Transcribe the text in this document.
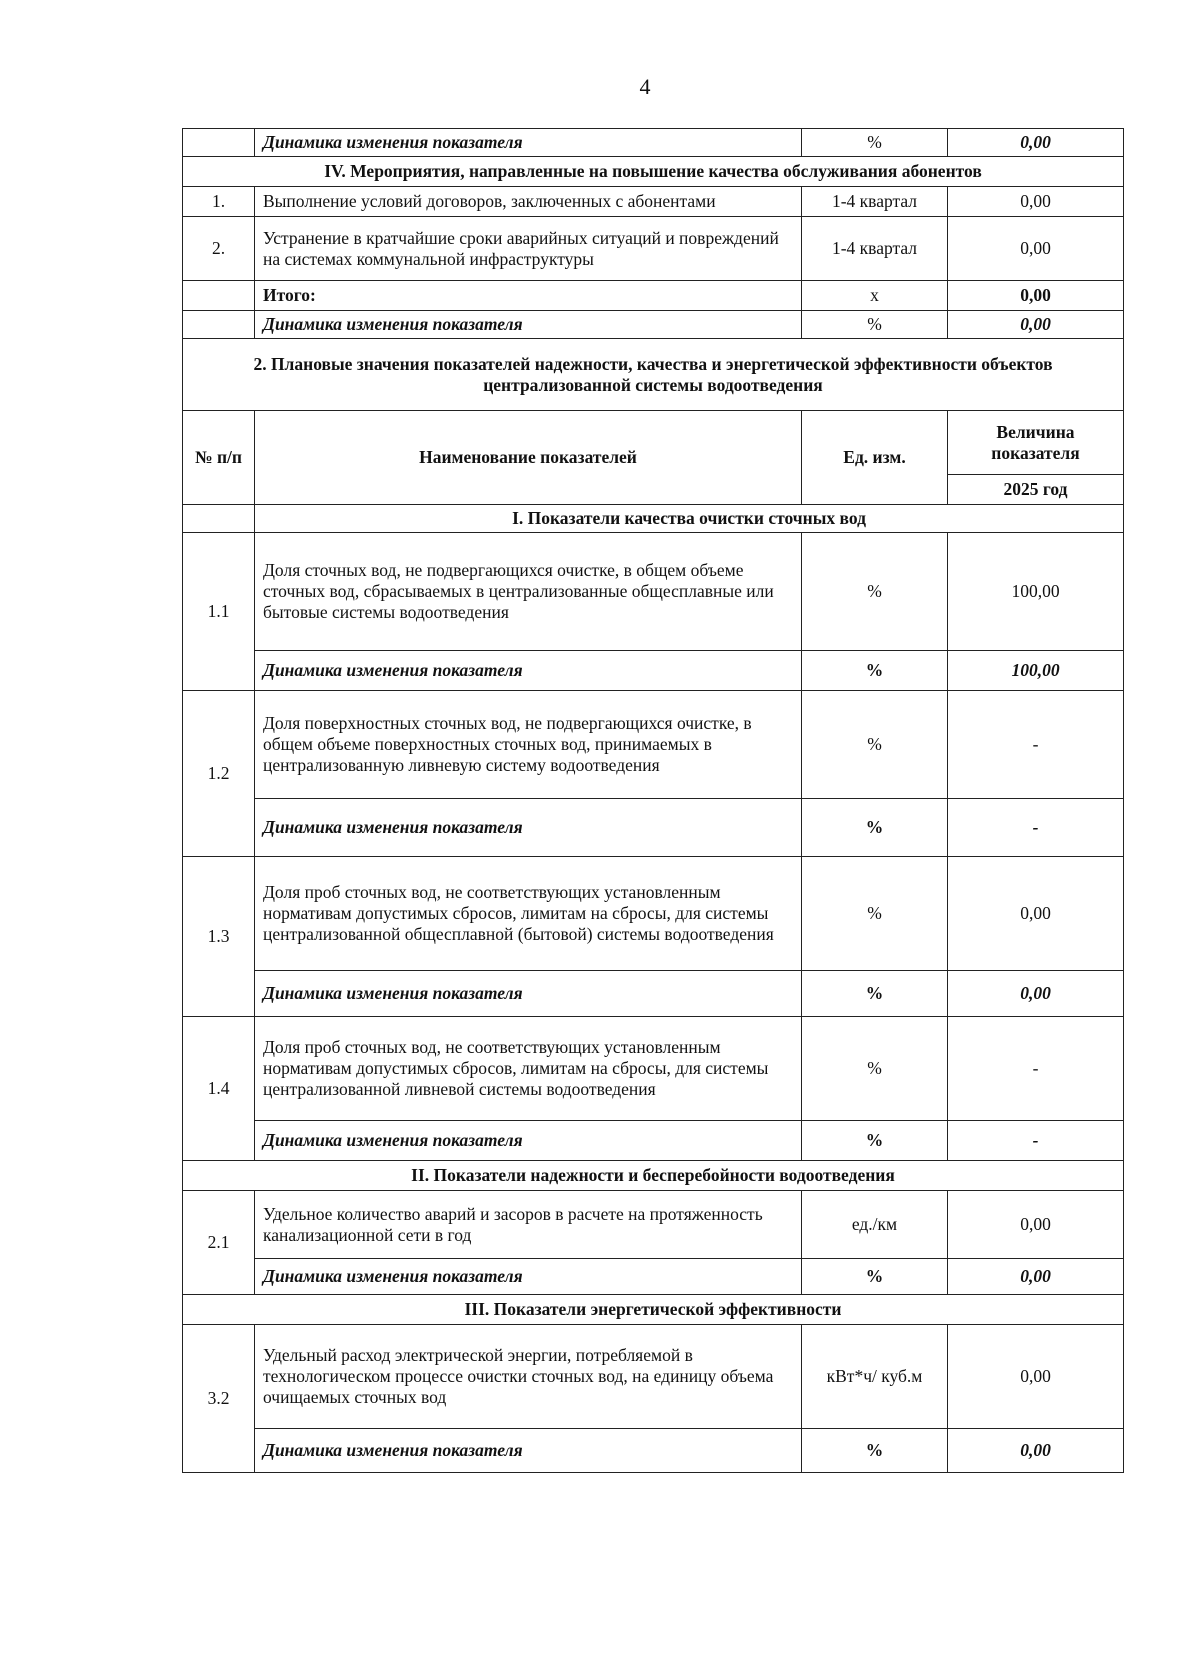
4
	Динамика изменения показателя	%	0,00
IV. Мероприятия, направленные на повышение качества обслуживания абонентов			
1.	Выполнение условий договоров, заключенных с абонентами	1-4 квартал	0,00
2.	Устранение в кратчайшие сроки аварийных ситуаций и повреждений на системах коммунальной инфраструктуры	1-4 квартал	0,00
	Итого:	х	0,00
	Динамика изменения показателя	%	0,00
2. Плановые значения показателей надежности, качества и энергетической эффективности объектов централизованной системы водоотведения			
№ п/п	Наименование показателей	Ед. изм.	Величина показателя
			2025 год
	I. Показатели качества очистки сточных вод		
1.1	Доля сточных вод, не подвергающихся очистке, в общем объеме сточных вод, сбрасываемых в централизованные общесплавные или бытовые системы водоотведения	%	100,00
	Динамика изменения показателя	%	100,00
1.2	Доля поверхностных сточных вод, не подвергающихся очистке, в общем объеме поверхностных сточных вод, принимаемых в централизованную ливневую систему водоотведения	%	-
	Динамика изменения показателя	%	-
1.3	Доля проб сточных вод, не соответствующих установленным нормативам допустимых сбросов, лимитам на сбросы, для системы централизованной общесплавной (бытовой) системы водоотведения	%	0,00
	Динамика изменения показателя	%	0,00
1.4	Доля проб сточных вод, не соответствующих установленным нормативам допустимых сбросов, лимитам на сбросы, для системы централизованной ливневой системы водоотведения	%	-
	Динамика изменения показателя	%	-
II. Показатели надежности и бесперебойности водоотведения			
2.1	Удельное количество аварий и засоров в расчете на протяженность канализационной сети в год	ед./км	0,00
	Динамика изменения показателя	%	0,00
III. Показатели энергетической эффективности			
3.2	Удельный расход электрической энергии, потребляемой в технологическом процессе очистки сточных вод, на единицу объема очищаемых сточных вод	кВт*ч/ куб.м	0,00
	Динамика изменения показателя	%	0,00
